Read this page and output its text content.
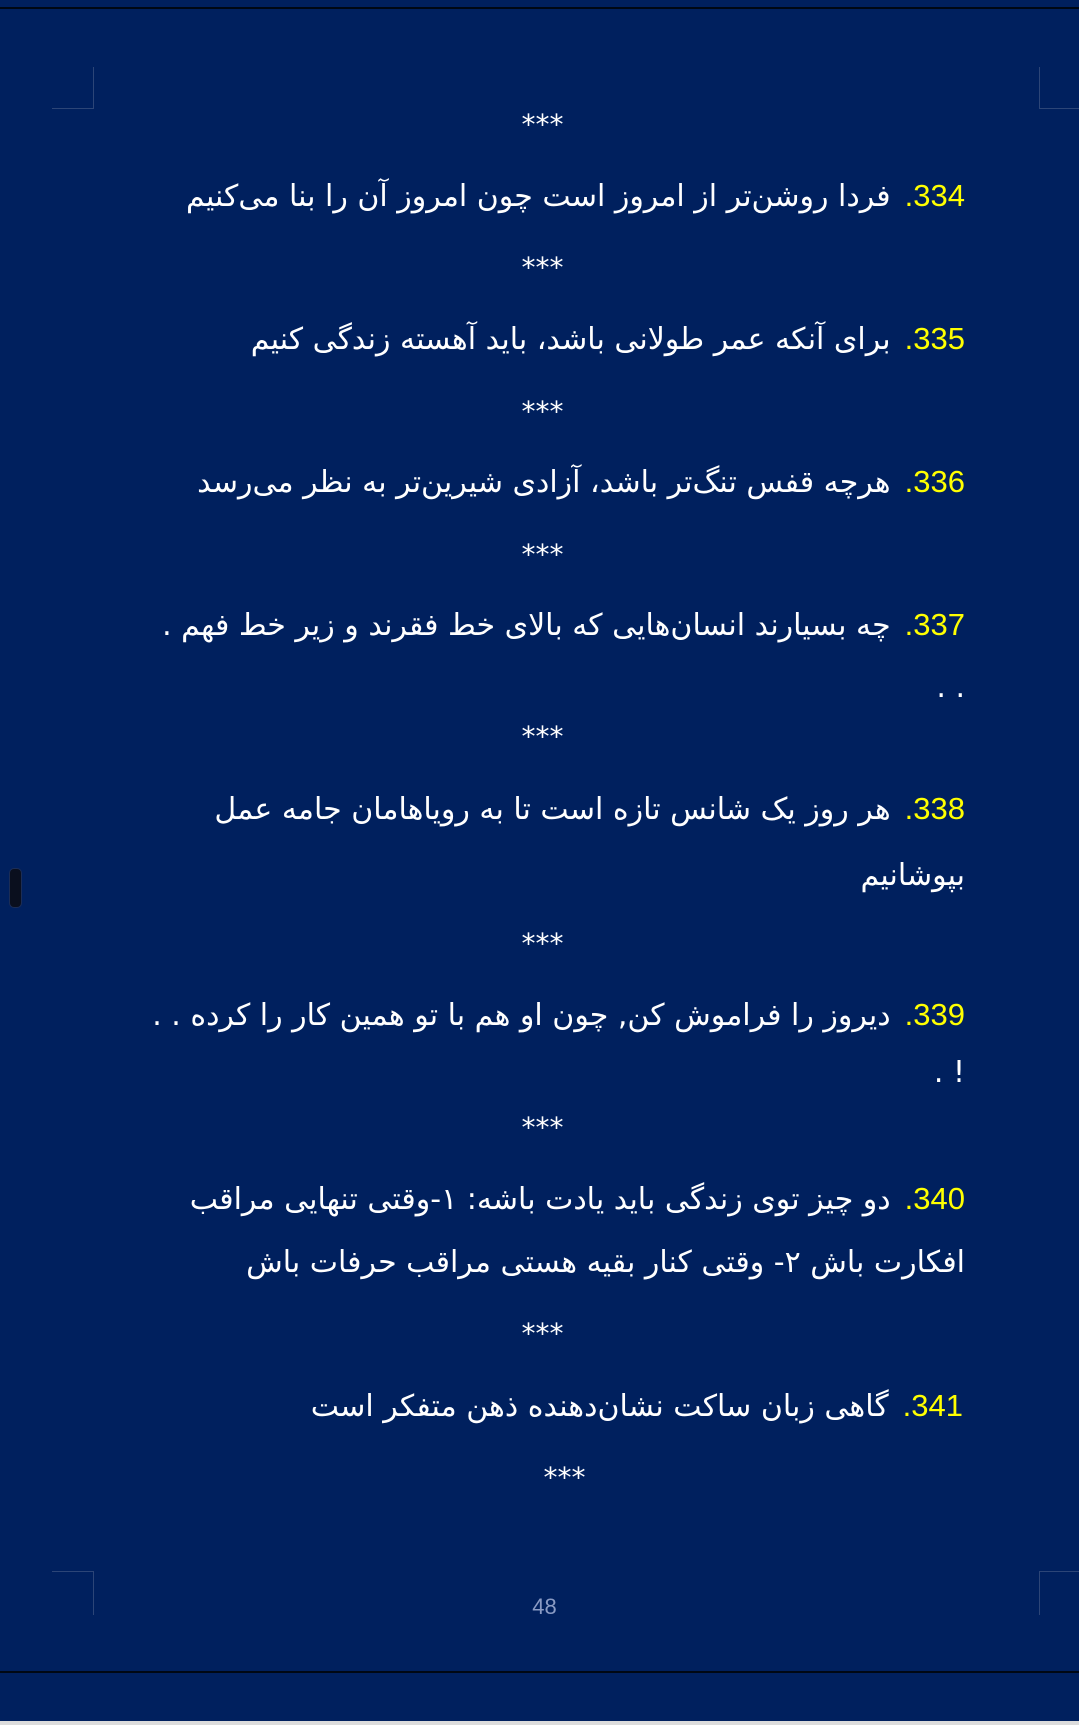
***
334.فردا روشن‌تر از امروز است چون امروز آن را بنا می‌کنیم
***
335.برای آنکه عمر طولانی باشد، باید آهسته زندگی کنیم
***
336.هرچه قفس تنگ‌تر باشد، آزادی شیرین‌تر به نظر می‌رسد
***
337.چه بسیارند انسان‌هایی که بالای خط فقرند و زیر خط فهم .
. .
***
338.هر روز یک شانس تازه است تا به رویاهامان جامه عمل
بپوشانیم
***
339.دیروز را فراموش کن, چون او هم با تو همین کار را کرده . .
! .
***
340.دو چیز توی زندگی باید یادت باشه: ۱-وقتی تنهایی مراقب
افکارت باش ۲- وقتی کنار بقیه هستی مراقب حرفات باش
***
341.گاهی زبان ساکت نشان‌دهنده ذهن متفکر است
***
48
